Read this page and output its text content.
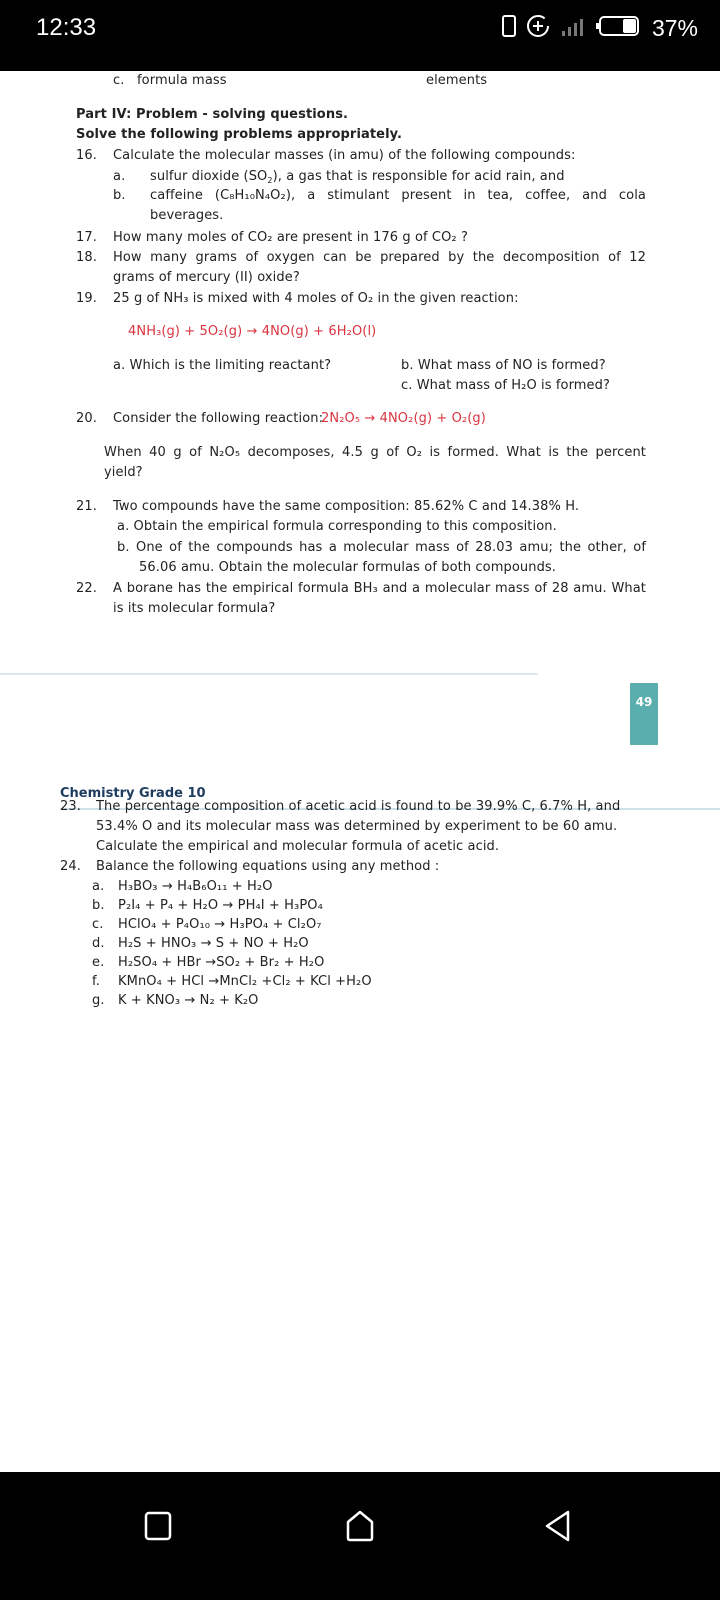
12:33	37%
c. formula mass	elements
Part IV: Problem - solving questions.
Solve the following problems appropriately.
16. Calculate the molecular masses (in amu) of the following compounds:
a. sulfur dioxide $(SO_2)$, a gas that is responsible for acid rain, and
b. caffeine (C₈H₁₀N₄O₂), a stimulant present in tea, coffee, and cola
beverages.
17. How many moles of CO₂ are present in 176 g of CO₂ ?
18. How many grams of oxygen can be prepared by the decomposition of 12
grams of mercury (II) oxide?
19. 25 g of NH₃ is mixed with 4 moles of O₂ in the given reaction:
4NH₃(g) + 5O₂(g) → 4NO(g) + 6H₂O(l)
a. Which is the limiting reactant?	b. What mass of NO is formed?
c. What mass of H₂O is formed?
20. Consider the following reaction:
2N₂O₅ → 4NO₂(g) + O₂(g)
When 40 g of N₂O₅ decomposes, 4.5 g of O₂ is formed. What is the percent
yield?
21. Two compounds have the same composition: 85.62% C and 14.38% H.
a. Obtain the empirical formula corresponding to this composition.
b. One of the compounds has a molecular mass of 28.03 amu; the other, of
56.06 amu. Obtain the molecular formulas of both compounds.
22. A borane has the empirical formula BH₃ and a molecular mass of 28 amu. What
is its molecular formula?
49
Chemistry Grade 10
23. The percentage composition of acetic acid is found to be 39.9% C, 6.7% H, and
53.4% O and its molecular mass was determined by experiment to be 60 amu.
Calculate the empirical and molecular formula of acetic acid.
24. Balance the following equations using any method :
a. H₃BO₃ → H₄B₆O₁₁ + H₂O
b. P₂I₄ + P₄ + H₂O → PH₄I + H₃PO₄
c. HClO₄ + P₄O₁₀ → H₃PO₄ + Cl₂O₇
d. H₂S + HNO₃ → S + NO + H₂O
e. H₂SO₄ + HBr →SO₂ + Br₂ + H₂O
f. KMnO₄ + HCl →MnCl₂ +Cl₂ + KCl +H₂O
g. K + KNO₃ → N₂ + K₂O
